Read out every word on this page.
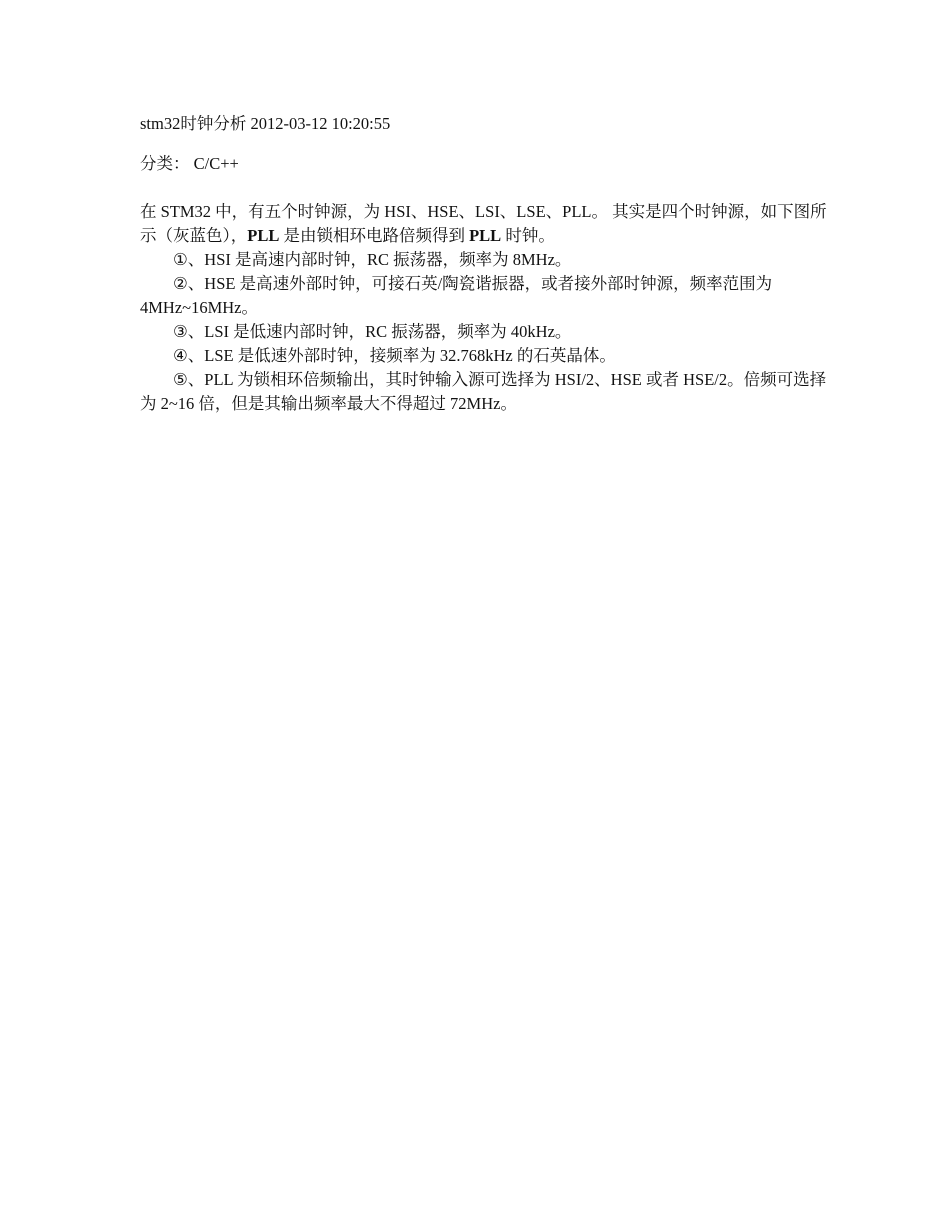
stm32时钟分析 2012-03-12 10:20:55

分类： C/C++

在 STM32 中，有五个时钟源，为 HSI、HSE、LSI、LSE、PLL。 其实是四个时钟源，如下图所示（灰蓝色），PLL 是由锁相环电路倍频得到 PLL 时钟。

①、HSI 是高速内部时钟，RC 振荡器，频率为 8MHz。

②、HSE 是高速外部时钟，可接石英/陶瓷谐振器，或者接外部时钟源，频率范围为 4MHz~16MHz。

③、LSI 是低速内部时钟，RC 振荡器，频率为 40kHz。

④、LSE 是低速外部时钟，接频率为 32.768kHz 的石英晶体。

⑤、PLL 为锁相环倍频输出，其时钟输入源可选择为 HSI/2、HSE 或者 HSE/2。倍频可选择为 2~16 倍，但是其输出频率最大不得超过 72MHz。
